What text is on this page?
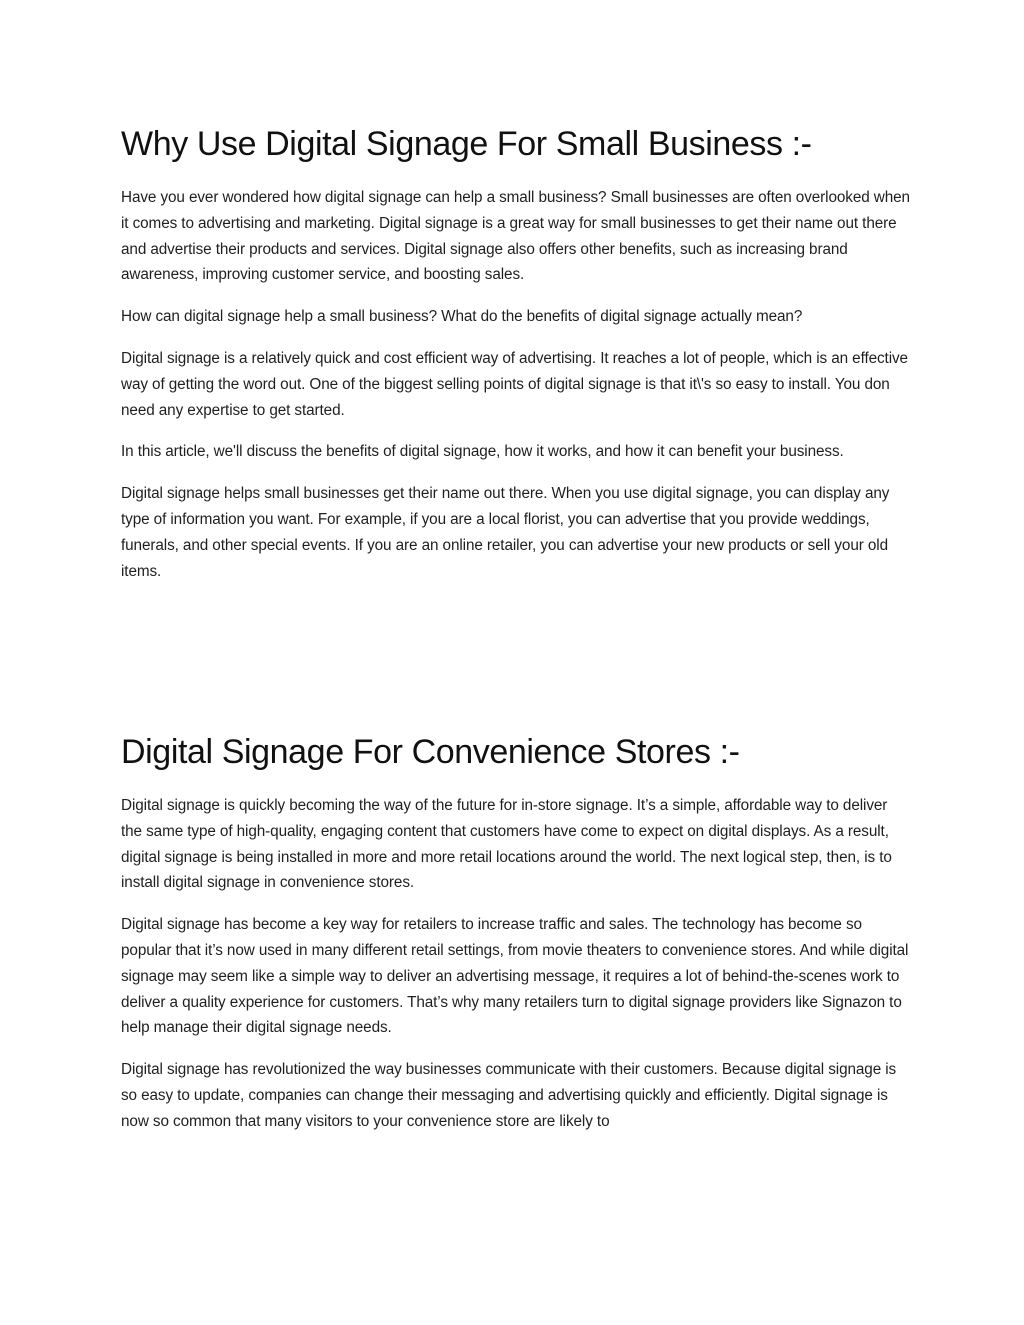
Why Use Digital Signage For Small Business :-

Have you ever wondered how digital signage can help a small business? Small businesses are often overlooked when it comes to advertising and marketing. Digital signage is a great way for small businesses to get their name out there and advertise their products and services. Digital signage also offers other benefits, such as increasing brand awareness, improving customer service, and boosting sales.

How can digital signage help a small business? What do the benefits of digital signage actually mean?

Digital signage is a relatively quick and cost efficient way of advertising. It reaches a lot of people, which is an effective way of getting the word out. One of the biggest selling points of digital signage is that it\'s so easy to install. You don need any expertise to get started.

In this article, we'll discuss the benefits of digital signage, how it works, and how it can benefit your business.

Digital signage helps small businesses get their name out there. When you use digital signage, you can display any type of information you want. For example, if you are a local florist, you can advertise that you provide weddings, funerals, and other special events. If you are an online retailer, you can advertise your new products or sell your old items.

Digital Signage For Convenience Stores :-

Digital signage is quickly becoming the way of the future for in-store signage. It’s a simple, affordable way to deliver the same type of high-quality, engaging content that customers have come to expect on digital displays. As a result, digital signage is being installed in more and more retail locations around the world. The next logical step, then, is to install digital signage in convenience stores.

Digital signage has become a key way for retailers to increase traffic and sales. The technology has become so popular that it’s now used in many different retail settings, from movie theaters to convenience stores. And while digital signage may seem like a simple way to deliver an advertising message, it requires a lot of behind-the-scenes work to deliver a quality experience for customers. That’s why many retailers turn to digital signage providers like Signazon to help manage their digital signage needs.

Digital signage has revolutionized the way businesses communicate with their customers. Because digital signage is so easy to update, companies can change their messaging and advertising quickly and efficiently. Digital signage is now so common that many visitors to your convenience store are likely to
